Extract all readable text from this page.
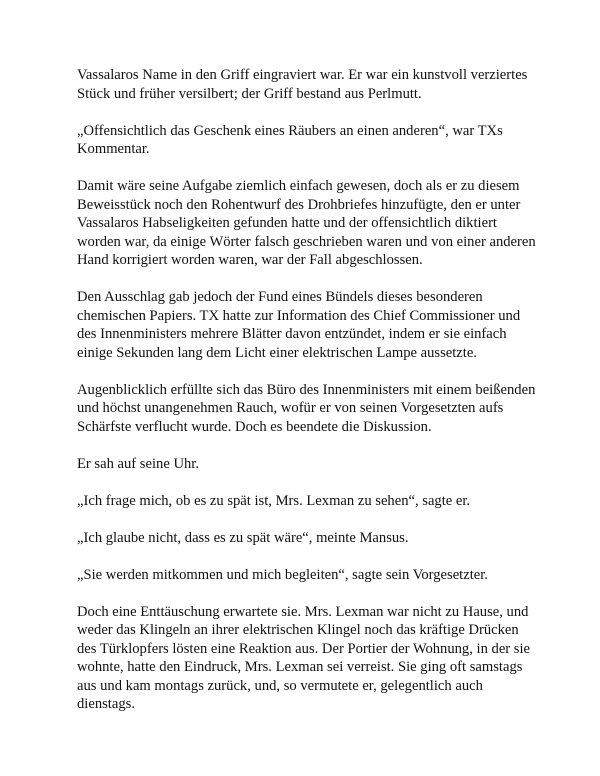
Vassalaros Name in den Griff eingraviert war. Er war ein kunstvoll verziertes Stück und früher versilbert; der Griff bestand aus Perlmutt.

„Offensichtlich das Geschenk eines Räubers an einen anderen“, war TXs Kommentar.

Damit wäre seine Aufgabe ziemlich einfach gewesen, doch als er zu diesem Beweisstück noch den Rohentwurf des Drohbriefes hinzufügte, den er unter Vassalaros Habseligkeiten gefunden hatte und der offensichtlich diktiert worden war, da einige Wörter falsch geschrieben waren und von einer anderen Hand korrigiert worden waren, war der Fall abgeschlossen.

Den Ausschlag gab jedoch der Fund eines Bündels dieses besonderen chemischen Papiers. TX hatte zur Information des Chief Commissioner und des Innenministers mehrere Blätter davon entzündet, indem er sie einfach einige Sekunden lang dem Licht einer elektrischen Lampe aussetzte.

Augenblicklich erfüllte sich das Büro des Innenministers mit einem beißenden und höchst unangenehmen Rauch, wofür er von seinen Vorgesetzten aufs Schärfste verflucht wurde. Doch es beendete die Diskussion.

Er sah auf seine Uhr.

„Ich frage mich, ob es zu spät ist, Mrs. Lexman zu sehen“, sagte er.

„Ich glaube nicht, dass es zu spät wäre“, meinte Mansus.

„Sie werden mitkommen und mich begleiten“, sagte sein Vorgesetzter.

Doch eine Enttäuschung erwartete sie. Mrs. Lexman war nicht zu Hause, und weder das Klingeln an ihrer elektrischen Klingel noch das kräftige Drücken des Türklopfers lösten eine Reaktion aus. Der Portier der Wohnung, in der sie wohnte, hatte den Eindruck, Mrs. Lexman sei verreist. Sie ging oft samstags aus und kam montags zurück, und, so vermutete er, gelegentlich auch dienstags.
